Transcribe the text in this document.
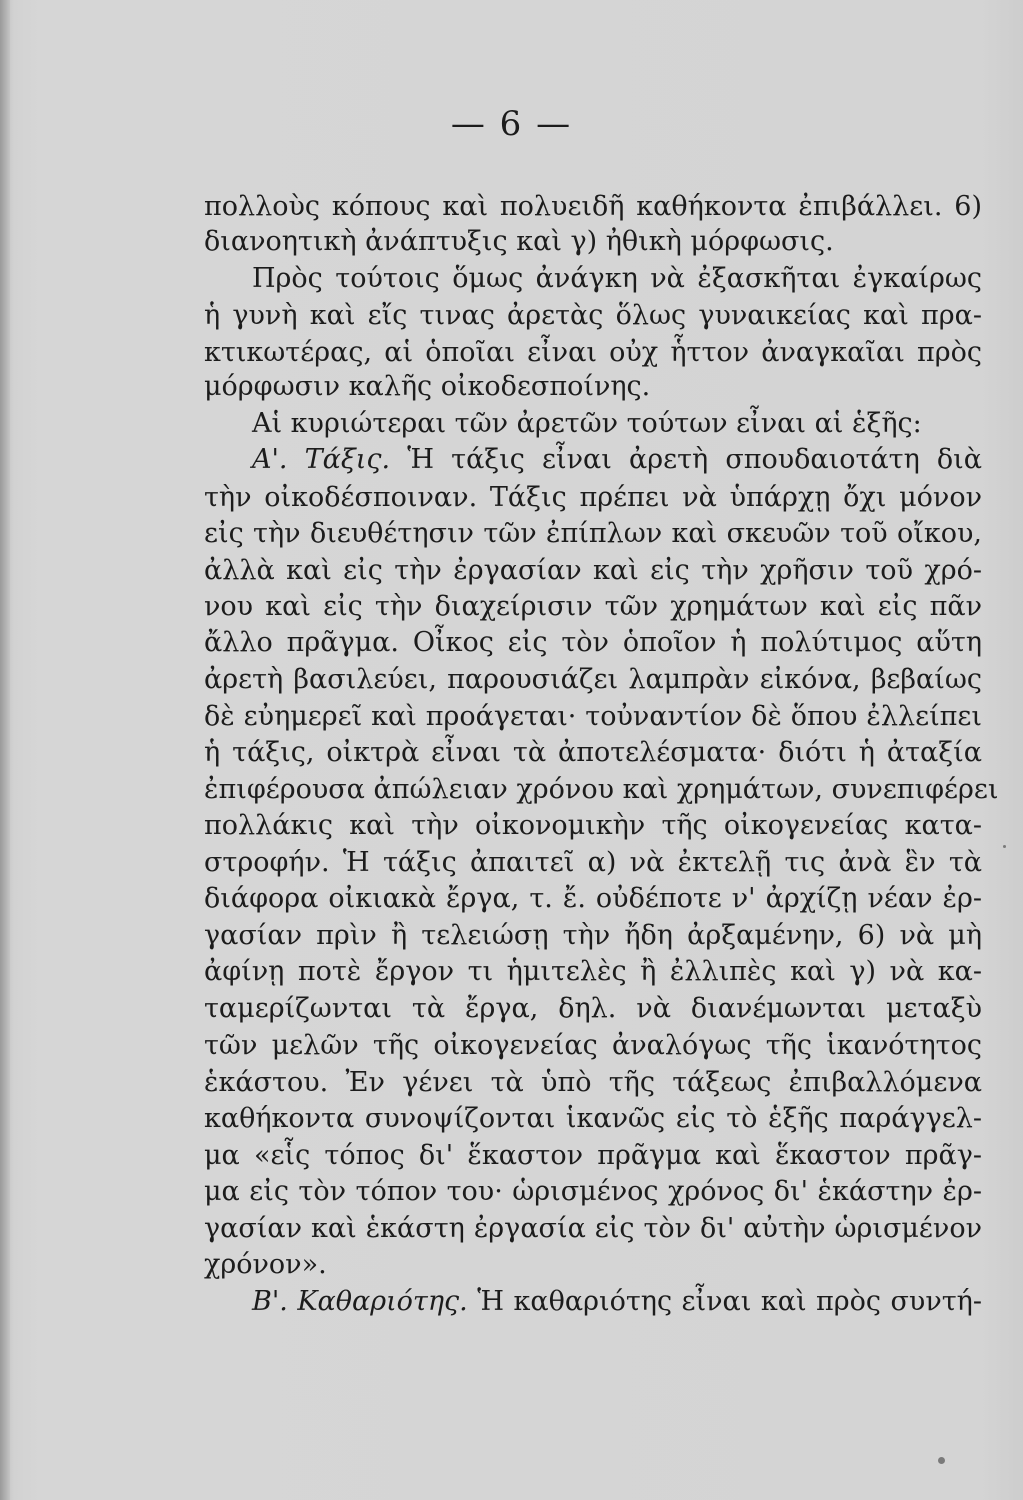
— 6 —
πολλοὺς κόπους καὶ πολυειδῆ καθήκοντα ἐπιβάλλει. 6)
διανοητικὴ ἀνάπτυξις καὶ γ) ἠθικὴ μόρφωσις.
Πρὸς τούτοις ὅμως ἀνάγκη νὰ ἐξασκῆται ἐγκαίρως
ἡ γυνὴ καὶ εἴς τινας ἀρετὰς ὅλως γυναικείας καὶ πρα-
κτικωτέρας, αἱ ὁποῖαι εἶναι οὐχ ἧττον ἀναγκαῖαι πρὸς
μόρφωσιν καλῆς οἰκοδεσποίνης.
Αἱ κυριώτεραι τῶν ἀρετῶν τούτων εἶναι αἱ ἑξῆς:
Α'. Τάξις. Ἡ τάξις εἶναι ἀρετὴ σπουδαιοτάτη διὰ
τὴν οἰκοδέσποιναν. Τάξις πρέπει νὰ ὑπάρχῃ ὄχι μόνον
εἰς τὴν διευθέτησιν τῶν ἐπίπλων καὶ σκευῶν τοῦ οἴκου,
ἀλλὰ καὶ εἰς τὴν ἐργασίαν καὶ εἰς τὴν χρῆσιν τοῦ χρό-
νου καὶ εἰς τὴν διαχείρισιν τῶν χρημάτων καὶ εἰς πᾶν
ἄλλο πρᾶγμα. Οἶκος εἰς τὸν ὁποῖον ἡ πολύτιμος αὕτη
ἀρετὴ βασιλεύει, παρουσιάζει λαμπρὰν εἰκόνα, βεβαίως
δὲ εὐημερεῖ καὶ προάγεται· τοὐναντίον δὲ ὅπου ἐλλείπει
ἡ τάξις, οἰκτρὰ εἶναι τὰ ἀποτελέσματα· διότι ἡ ἀταξία
ἐπιφέρουσα ἀπώλειαν χρόνου καὶ χρημάτων, συνεπιφέρει
πολλάκις καὶ τὴν οἰκονομικὴν τῆς οἰκογενείας κατα-
στροφήν. Ἡ τάξις ἀπαιτεῖ α) νὰ ἐκτελῇ τις ἀνὰ ἓν τὰ
διάφορα οἰκιακὰ ἔργα, τ. ἔ. οὐδέποτε ν' ἀρχίζῃ νέαν ἐρ-
γασίαν πρὶν ἢ τελειώσῃ τὴν ἤδη ἀρξαμένην, 6) νὰ μὴ
ἀφίνῃ ποτὲ ἔργον τι ἡμιτελὲς ἢ ἐλλιπὲς καὶ γ) νὰ κα-
ταμερίζωνται τὰ ἔργα, δηλ. νὰ διανέμωνται μεταξὺ
τῶν μελῶν τῆς οἰκογενείας ἀναλόγως τῆς ἱκανότητος
ἑκάστου. Ἐν γένει τὰ ὑπὸ τῆς τάξεως ἐπιβαλλόμενα
καθήκοντα συνοψίζονται ἱκανῶς εἰς τὸ ἑξῆς παράγγελ-
μα «εἷς τόπος δι' ἕκαστον πρᾶγμα καὶ ἕκαστον πρᾶγ-
μα εἰς τὸν τόπον του· ὡρισμένος χρόνος δι' ἑκάστην ἐρ-
γασίαν καὶ ἑκάστη ἐργασία εἰς τὸν δι' αὐτὴν ὡρισμένον
χρόνον».
Β'. Καθαριότης. Ἡ καθαριότης εἶναι καὶ πρὸς συντή-
